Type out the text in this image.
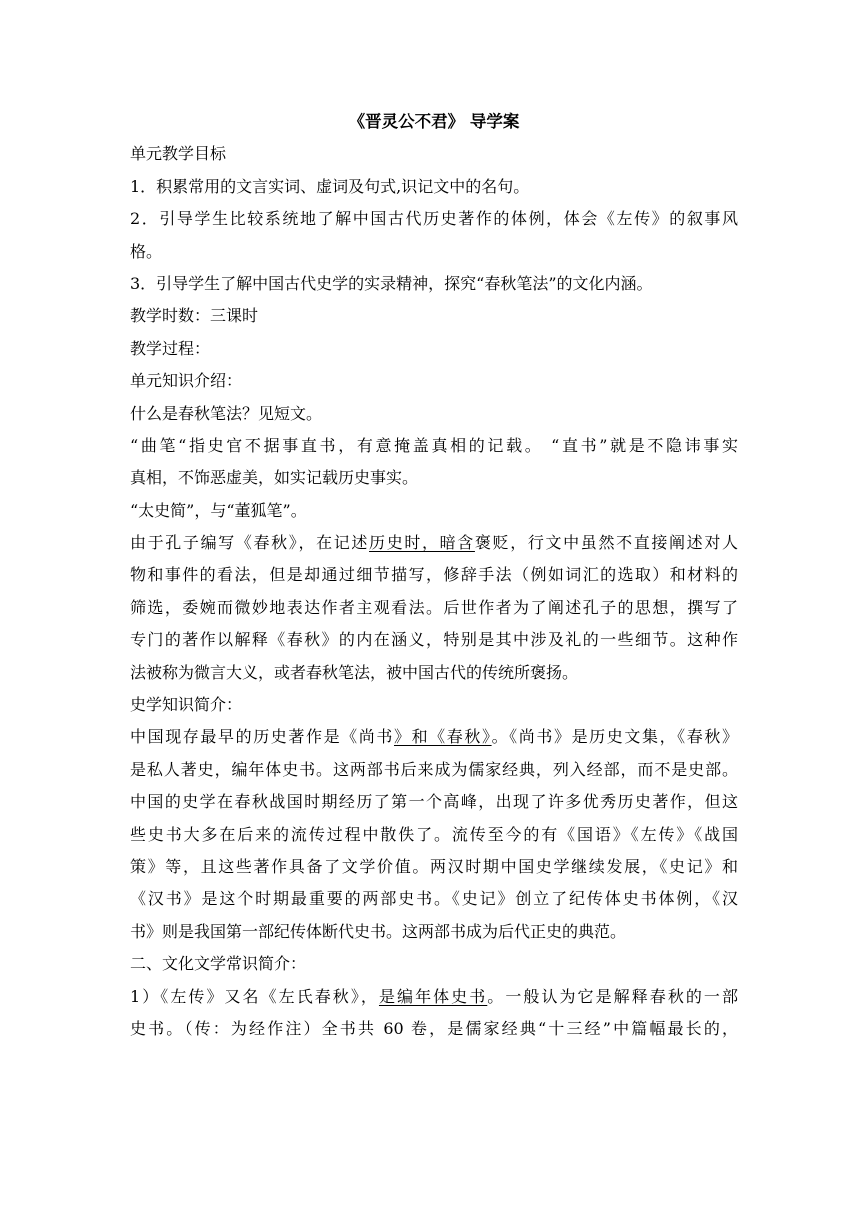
《晋灵公不君》 导学案

单元教学目标

1．积累常用的文言实词、虚词及句式,识记文中的名句。

2．引导学生比较系统地了解中国古代历史著作的体例，体会《左传》的叙事风

格。

3．引导学生了解中国古代史学的实录精神，探究“春秋笔法”的文化内涵。

教学时数：三课时

教学过程：

单元知识介绍：

什么是春秋笔法？见短文。

“曲笔“指史官不据事直书，有意掩盖真相的记载。 “直书”就是不隐讳事实

真相，不饰恶虚美，如实记载历史事实。

“太史简”，与“董狐笔”。

由于孔子编写《春秋》，在记述历史时，暗含褒贬，行文中虽然不直接阐述对人

物和事件的看法，但是却通过细节描写，修辞手法（例如词汇的选取）和材料的

筛选，委婉而微妙地表达作者主观看法。后世作者为了阐述孔子的思想，撰写了

专门的著作以解释《春秋》的内在涵义，特别是其中涉及礼的一些细节。这种作

法被称为微言大义，或者春秋笔法，被中国古代的传统所褒扬。

史学知识简介：

中国现存最早的历史著作是《尚书》和《春秋》。《尚书》是历史文集，《春秋》

是私人著史，编年体史书。这两部书后来成为儒家经典，列入经部，而不是史部。

中国的史学在春秋战国时期经历了第一个高峰，出现了许多优秀历史著作，但这

些史书大多在后来的流传过程中散佚了。流传至今的有《国语》《左传》《战国

策》等，且这些著作具备了文学价值。两汉时期中国史学继续发展，《史记》和

《汉书》是这个时期最重要的两部史书。《史记》创立了纪传体史书体例，《汉

书》则是我国第一部纪传体断代史书。这两部书成为后代正史的典范。

二、文化文学常识简介：

1）《左传》又名《左氏春秋》，是编年体史书。一般认为它是解释春秋的一部

史书。（传：为经作注）全书共 60 卷，是儒家经典“十三经”中篇幅最长的，
